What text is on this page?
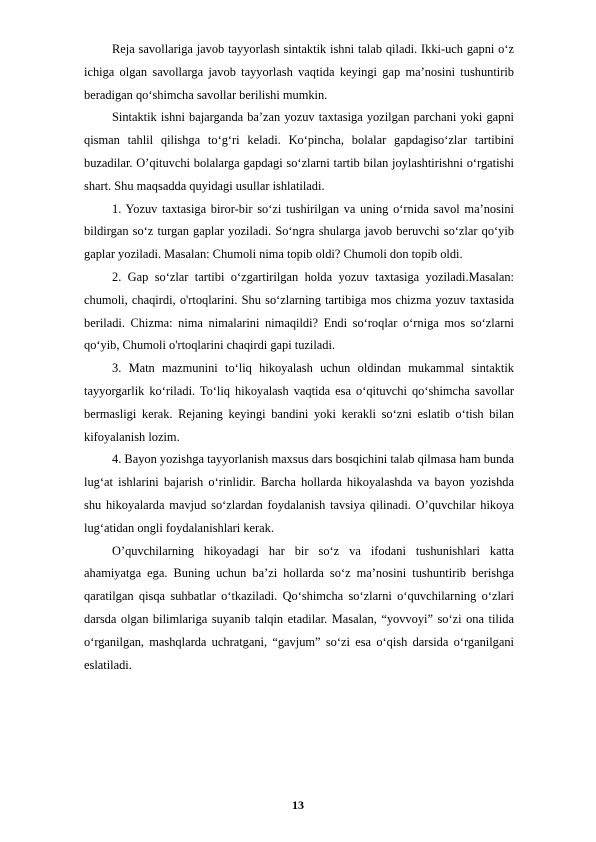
Reja savollariga javob tayyorlash sintaktik ishni talab qiladi. Ikki-uch gapni o‘z ichiga olgan savollarga javob tayyorlash vaqtida keyingi gap ma’nosini tushuntirib beradigan qo‘shimcha savollar berilishi mumkin.

Sintaktik ishni bajarganda ba’zan yozuv taxtasiga yozilgan parchani yoki gapni qisman tahlil qilishga to‘g‘ri keladi. Ko‘pincha, bolalar gapdagiso‘zlar tartibini buzadilar. O’qituvchi bolalarga gapdagi so‘zlarni tartib bilan joylashtirishni o‘rgatishi shart. Shu maqsadda quyidagi usullar ishlatiladi.

1. Yozuv taxtasiga biror-bir so‘zi tushirilgan va uning o‘rnida savol ma’nosini bildirgan so‘z turgan gaplar yoziladi. So‘ngra shularga javob beruvchi so‘zlar qo‘yib gaplar yoziladi. Masalan: Chumoli nima topib oldi? Chumoli don topib oldi.

2. Gap so‘zlar tartibi o‘zgartirilgan holda yozuv taxtasiga yoziladi.Masalan: chumoli, chaqirdi, o'rtoqlarini. Shu so‘zlarning tartibiga mos chizma yozuv taxtasida beriladi. Chizma: nima nimalarini nimaqildi? Endi so‘roqlar o‘rniga mos so‘zlarni qo‘yib, Chumoli o'rtoqlarini chaqirdi gapi tuziladi.

3. Matn mazmunini to‘liq hikoyalash uchun oldindan mukammal sintaktik tayyorgarlik ko‘riladi. To‘liq hikoyalash vaqtida esa o‘qituvchi qo‘shimcha savollar bermasligi kerak. Rejaning keyingi bandini yoki kerakli so‘zni eslatib o‘tish bilan kifoyalanish lozim.

4. Bayon yozishga tayyorlanish maxsus dars bosqichini talab qilmasa ham bunda lug‘at ishlarini bajarish o‘rinlidir. Barcha hollarda hikoyalashda va bayon yozishda shu hikoyalarda mavjud so‘zlardan foydalanish tavsiya qilinadi. O’quvchilar hikoya lug‘atidan ongli foydalanishlari kerak.

O’quvchilarning hikoyadagi har bir so‘z va ifodani tushunishlari katta ahamiyatga ega. Buning uchun ba’zi hollarda so‘z ma’nosini tushuntirib berishga qaratilgan qisqa suhbatlar o‘tkaziladi. Qo‘shimcha so‘zlarni o‘quvchilarning o‘zlari darsda olgan bilimlariga suyanib talqin etadilar. Masalan, “yovvoyi” so‘zi ona tilida o‘rganilgan, mashqlarda uchratgani, “gavjum” so‘zi esa o‘qish darsida o‘rganilgani eslatiladi.

13
